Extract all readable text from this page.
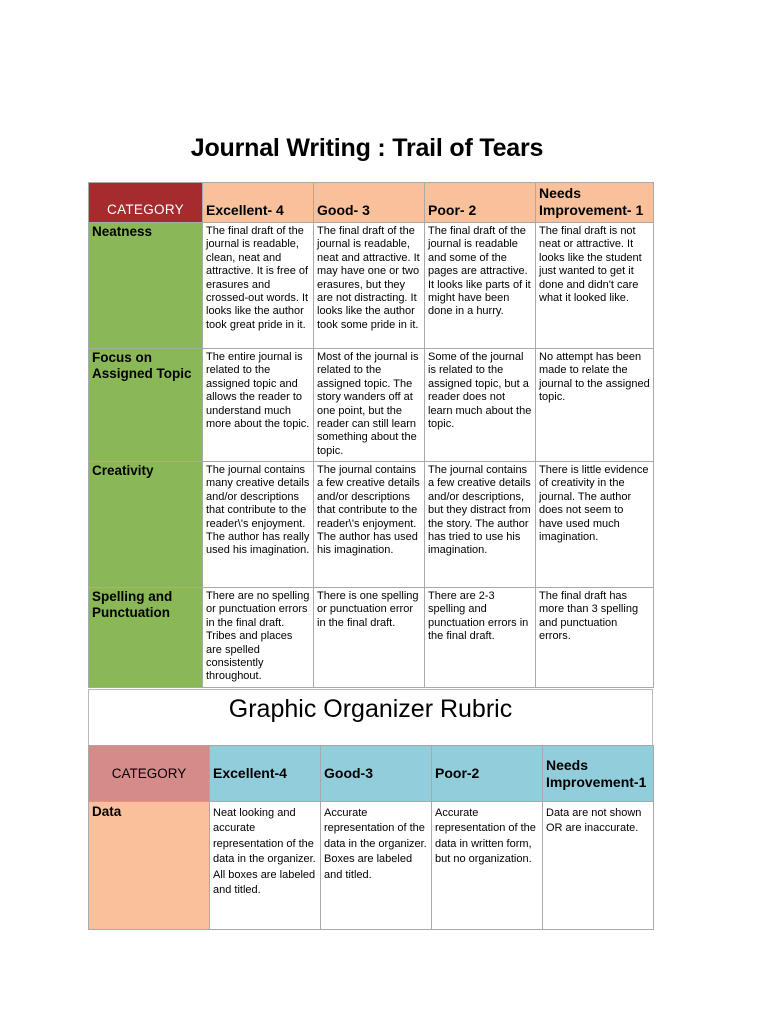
Journal Writing : Trail of Tears
CATEGORY	Excellent- 4	Good- 3	Poor- 2	Needs Improvement- 1
Neatness	The final draft of the journal is readable, clean, neat and attractive. It is free of erasures and crossed-out words. It looks like the author took great pride in it.	The final draft of the journal is readable, neat and attractive. It may have one or two erasures, but they are not distracting. It looks like the author took some pride in it.	The final draft of the journal is readable and some of the pages are attractive. It looks like parts of it might have been done in a hurry.	The final draft is not neat or attractive. It looks like the student just wanted to get it done and didn't care what it looked like.
Focus on Assigned Topic	The entire journal is related to the assigned topic and allows the reader to understand much more about the topic.	Most of the journal is related to the assigned topic. The story wanders off at one point, but the reader can still learn something about the topic.	Some of the journal is related to the assigned topic, but a reader does not learn much about the topic.	No attempt has been made to relate the journal to the assigned topic.
Creativity	The journal contains many creative details and/or descriptions that contribute to the reader\'s enjoyment. The author has really used his imagination.	The journal contains a few creative details and/or descriptions that contribute to the reader\'s enjoyment. The author has used his imagination.	The journal contains a few creative details and/or descriptions, but they distract from the story. The author has tried to use his imagination.	There is little evidence of creativity in the journal. The author does not seem to have used much imagination.
Spelling and Punctuation	There are no spelling or punctuation errors in the final draft. Tribes and places are spelled consistently throughout.	There is one spelling or punctuation error in the final draft.	There are 2-3 spelling and punctuation errors in the final draft.	The final draft has more than 3 spelling and punctuation errors.
Graphic Organizer Rubric
CATEGORY	Excellent-4	Good-3	Poor-2	Needs Improvement-1
Data	Neat looking and accurate representation of the data in the organizer. All boxes are labeled and titled.	Accurate representation of the data in the organizer. Boxes are labeled and titled.	Accurate representation of the data in written form, but no organization.	Data are not shown OR are inaccurate.
